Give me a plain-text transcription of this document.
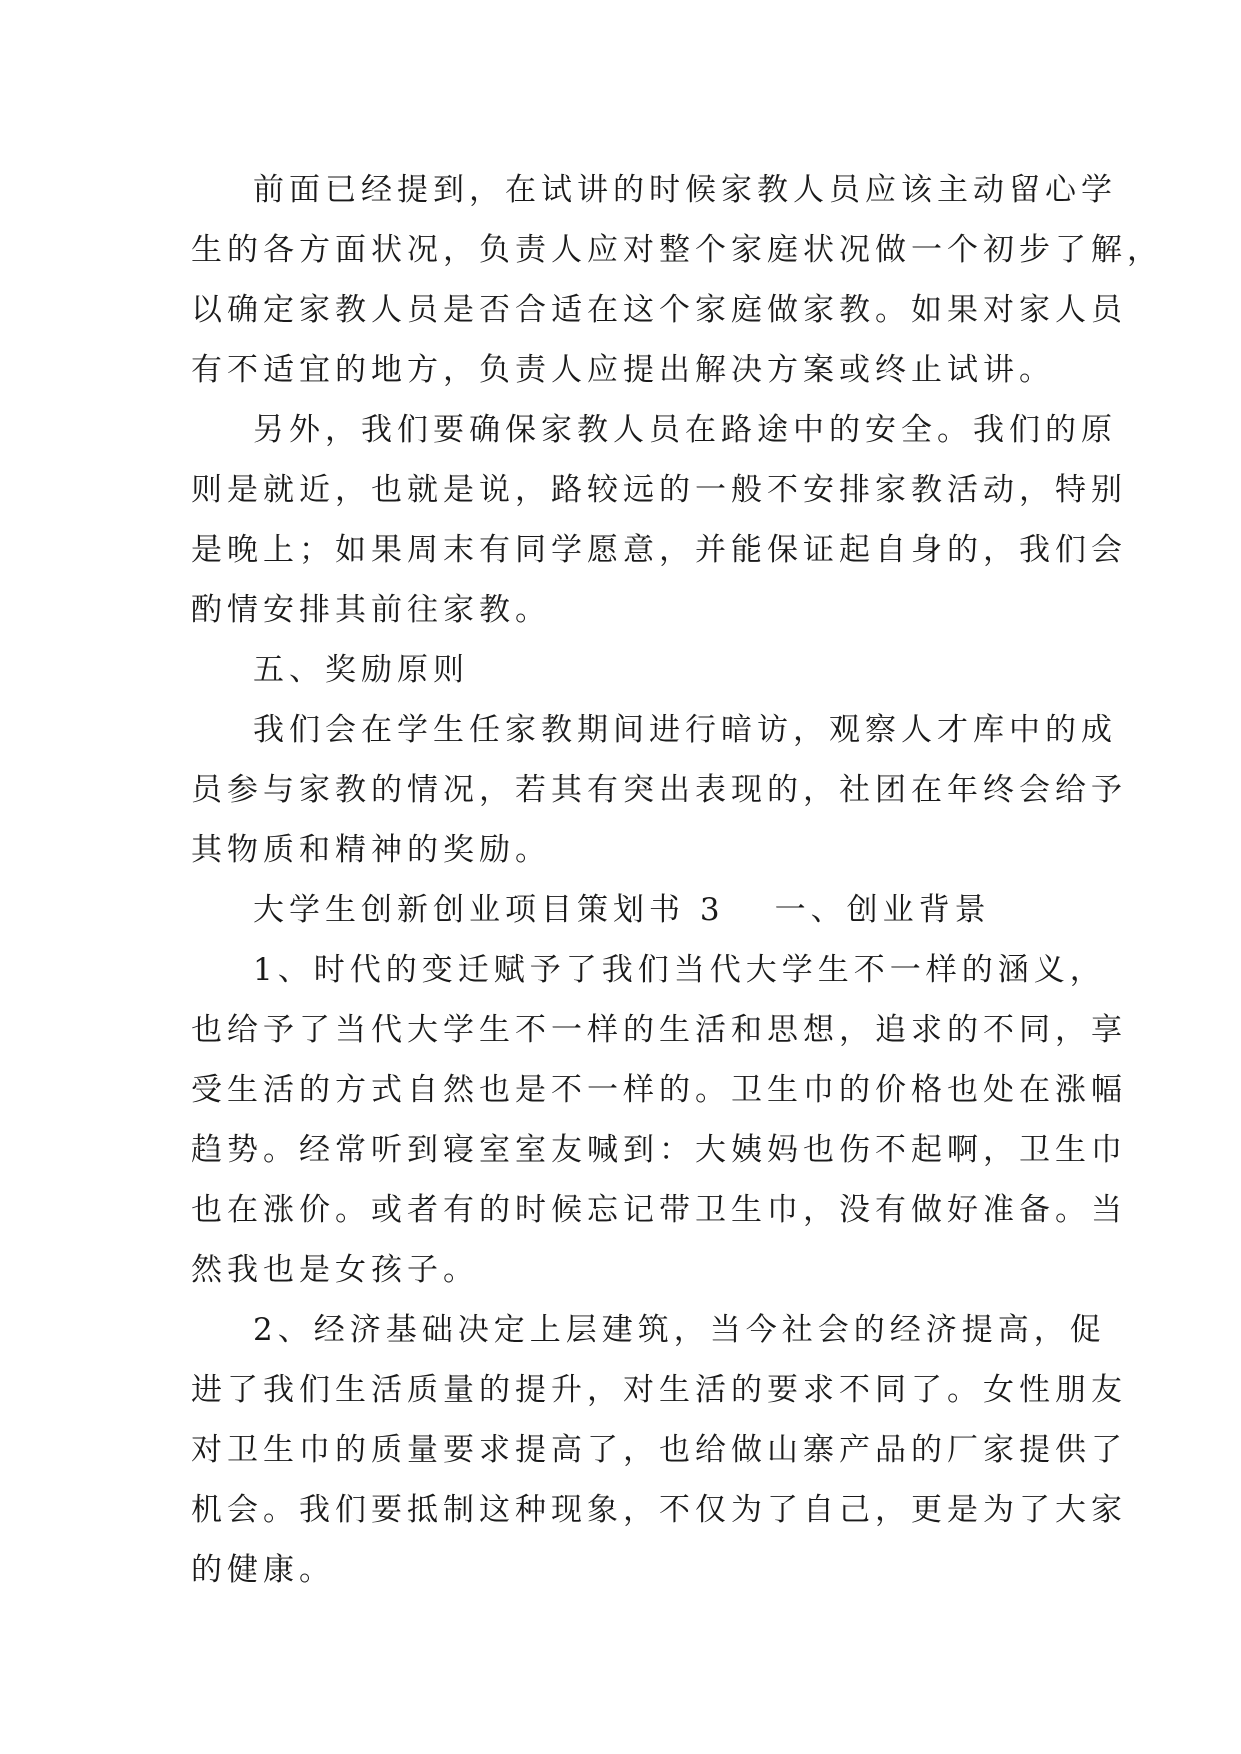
前面已经提到，在试讲的时候家教人员应该主动留心学
生的各方面状况，负责人应对整个家庭状况做一个初步了解，
以确定家教人员是否合适在这个家庭做家教。如果对家人员
有不适宜的地方，负责人应提出解决方案或终止试讲。
另外，我们要确保家教人员在路途中的安全。我们的原
则是就近，也就是说，路较远的一般不安排家教活动，特别
是晚上；如果周末有同学愿意，并能保证起自身的，我们会
酌情安排其前往家教。
五、奖励原则
我们会在学生任家教期间进行暗访，观察人才库中的成
员参与家教的情况，若其有突出表现的，社团在年终会给予
其物质和精神的奖励。
大学生创新创业项目策划书 3 一、创业背景
1、时代的变迁赋予了我们当代大学生不一样的涵义，
也给予了当代大学生不一样的生活和思想，追求的不同，享
受生活的方式自然也是不一样的。卫生巾的价格也处在涨幅
趋势。经常听到寝室室友喊到：大姨妈也伤不起啊，卫生巾
也在涨价。或者有的时候忘记带卫生巾，没有做好准备。当
然我也是女孩子。
2、经济基础决定上层建筑，当今社会的经济提高，促
进了我们生活质量的提升，对生活的要求不同了。女性朋友
对卫生巾的质量要求提高了，也给做山寨产品的厂家提供了
机会。我们要抵制这种现象，不仅为了自己，更是为了大家
的健康。
